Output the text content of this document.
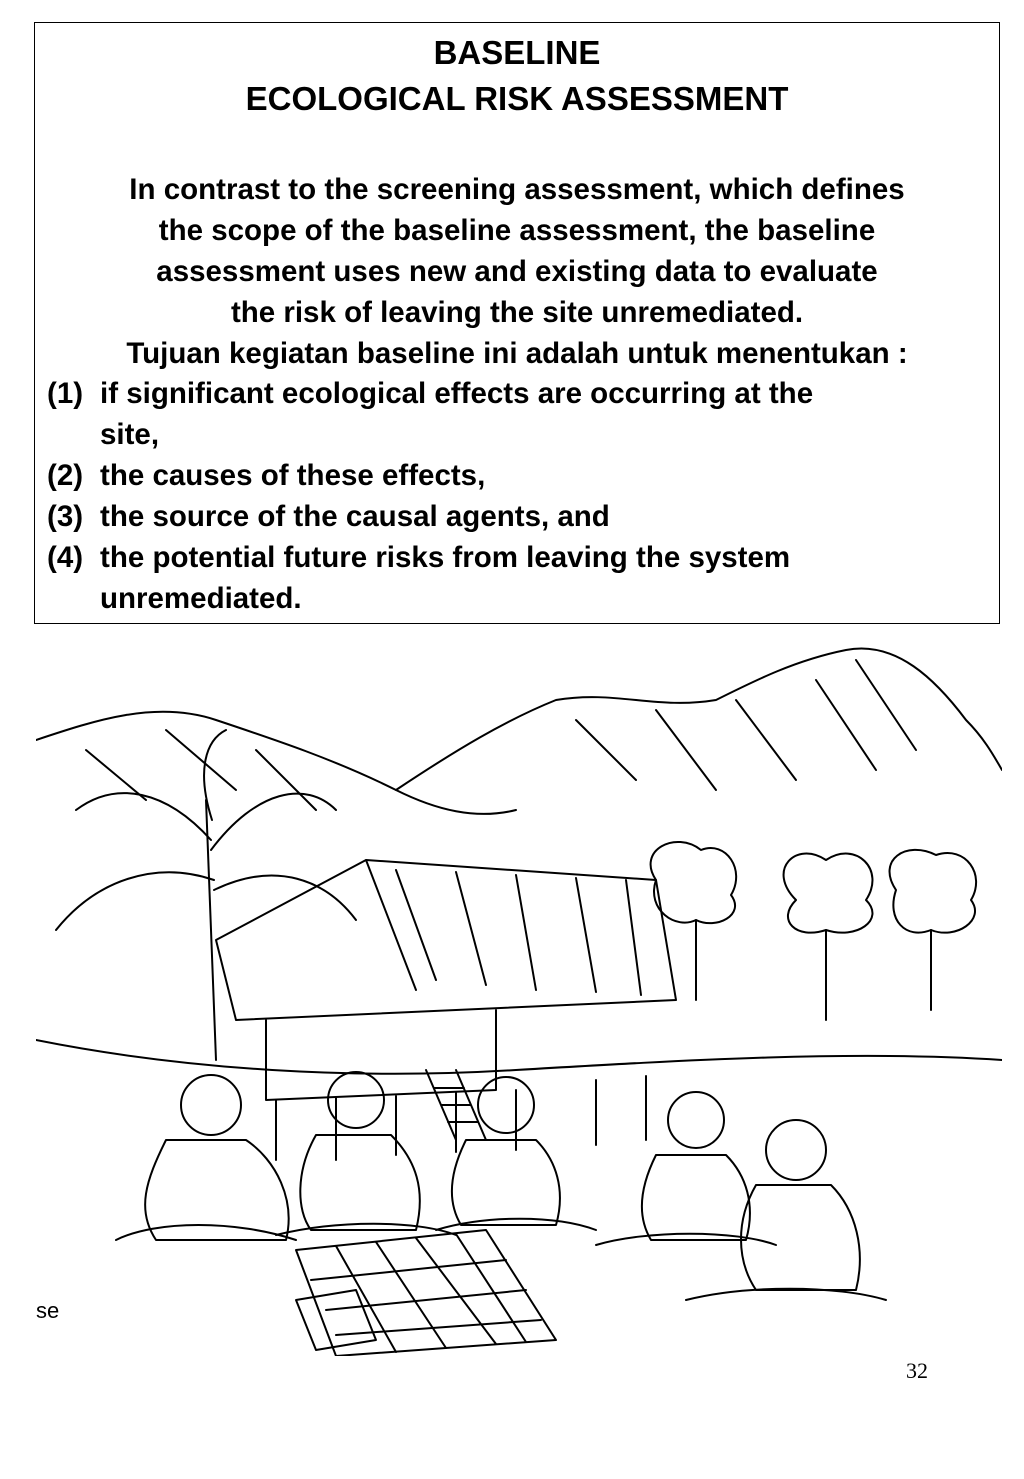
BASELINE
ECOLOGICAL RISK ASSESSMENT
In contrast to the screening assessment, which defines
the scope of the baseline assessment, the baseline
assessment uses new and existing data to evaluate
the risk of leaving the site unremediated.
Tujuan kegiatan baseline ini adalah untuk menentukan :
(1) if significant ecological effects are occurring at the
site,
(2) the causes of these effects,
(3) the source of the causal agents, and
(4) the potential future risks from leaving the system
unremediated.
se
32
